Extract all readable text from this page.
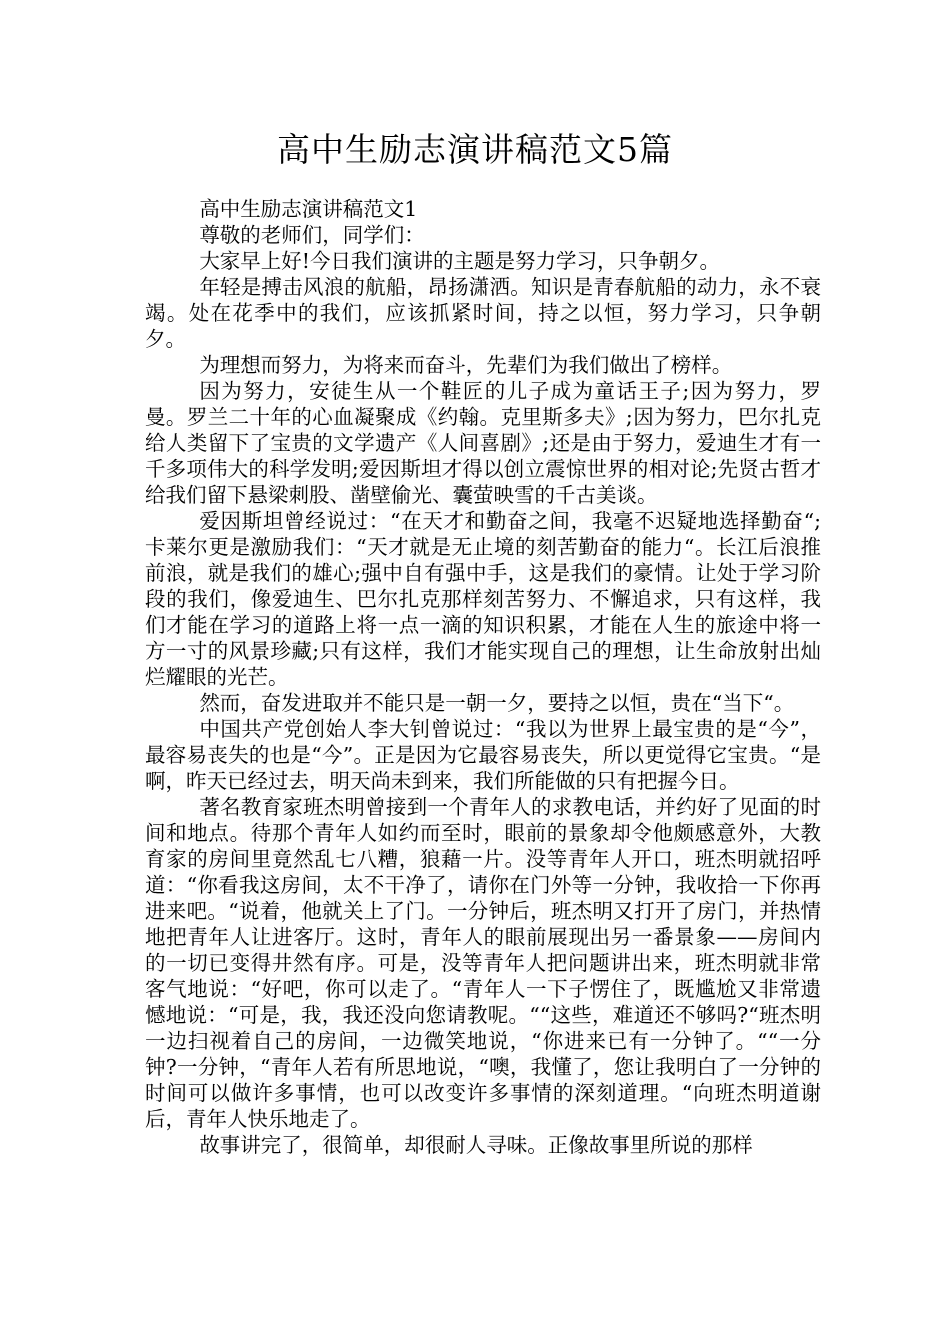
高中生励志演讲稿范文5篇

高中生励志演讲稿范文1

尊敬的老师们，同学们：

大家早上好!今日我们演讲的主题是努力学习，只争朝夕。

年轻是搏击风浪的航船，昂扬潇洒。知识是青春航船的动力，永不衰竭。处在花季中的我们，应该抓紧时间，持之以恒，努力学习，只争朝夕。

为理想而努力，为将来而奋斗，先辈们为我们做出了榜样。

因为努力，安徒生从一个鞋匠的儿子成为童话王子;因为努力，罗曼。罗兰二十年的心血凝聚成《约翰。克里斯多夫》;因为努力，巴尔扎克给人类留下了宝贵的文学遗产《人间喜剧》;还是由于努力，爱迪生才有一千多项伟大的科学发明;爱因斯坦才得以创立震惊世界的相对论;先贤古哲才给我们留下悬梁刺股、凿壁偷光、囊萤映雪的千古美谈。

爱因斯坦曾经说过：“在天才和勤奋之间，我毫不迟疑地选择勤奋“;卡莱尔更是激励我们：“天才就是无止境的刻苦勤奋的能力“。长江后浪推前浪，就是我们的雄心;强中自有强中手，这是我们的豪情。让处于学习阶段的我们，像爱迪生、巴尔扎克那样刻苦努力、不懈追求，只有这样，我们才能在学习的道路上将一点一滴的知识积累，才能在人生的旅途中将一方一寸的风景珍藏;只有这样，我们才能实现自己的理想，让生命放射出灿烂耀眼的光芒。

然而，奋发进取并不能只是一朝一夕，要持之以恒，贵在“当下“。

中国共产党创始人李大钊曾说过：“我以为世界上最宝贵的是“今”，最容易丧失的也是“今”。正是因为它最容易丧失，所以更觉得它宝贵。“是啊，昨天已经过去，明天尚未到来，我们所能做的只有把握今日。

著名教育家班杰明曾接到一个青年人的求教电话，并约好了见面的时间和地点。待那个青年人如约而至时，眼前的景象却令他颇感意外，大教育家的房间里竟然乱七八糟，狼藉一片。没等青年人开口，班杰明就招呼道：“你看我这房间，太不干净了，请你在门外等一分钟，我收拾一下你再进来吧。“说着，他就关上了门。一分钟后，班杰明又打开了房门，并热情地把青年人让进客厅。这时，青年人的眼前展现出另一番景象——房间内的一切已变得井然有序。可是，没等青年人把问题讲出来，班杰明就非常客气地说：“好吧，你可以走了。“青年人一下子愣住了，既尴尬又非常遗憾地说：“可是，我，我还没向您请教呢。““这些，难道还不够吗?“班杰明一边扫视着自己的房间，一边微笑地说，“你进来已有一分钟了。““一分钟?一分钟，“青年人若有所思地说，“噢，我懂了，您让我明白了一分钟的时间可以做许多事情，也可以改变许多事情的深刻道理。“向班杰明道谢后，青年人快乐地走了。

故事讲完了，很简单，却很耐人寻味。正像故事里所说的那样
